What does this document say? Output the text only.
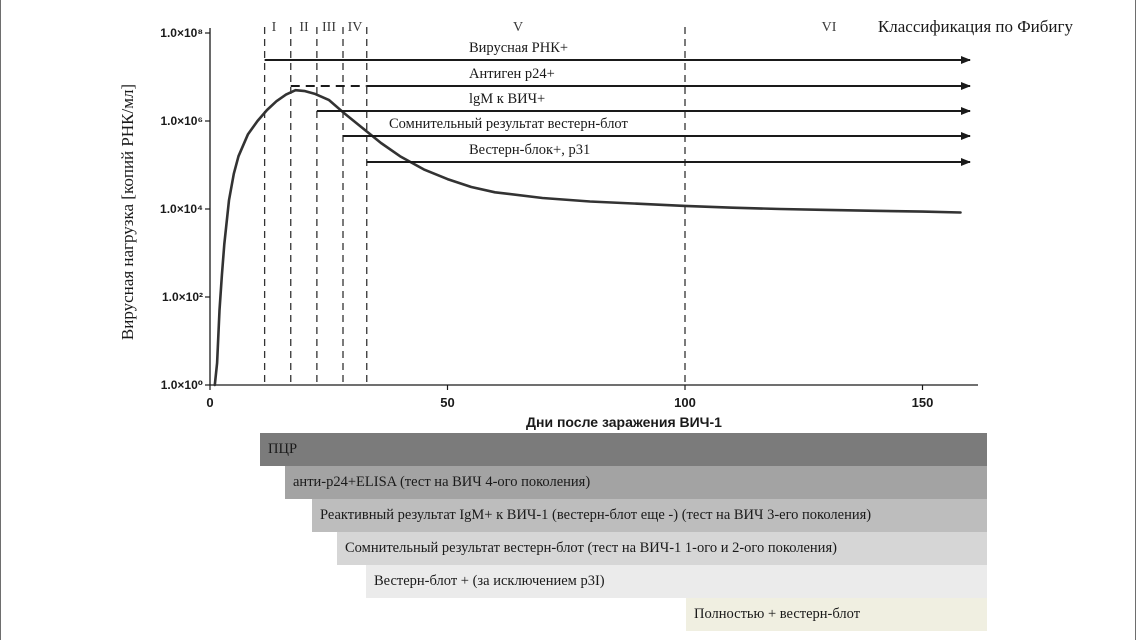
Классификация по Фибигу
Вирусная нагрузка [копий РНК/мл]
Дни после заражения ВИЧ-1
1.0×10⁰
1.0×10²
1.0×10⁴
1.0×10⁶
1.0×10⁸
0	50	100	150
I II III IV	V	VI
Вирусная РНК+
Антиген p24+
lgM к ВИЧ+
Сомнительный результат вестерн-блот
Вестерн-блок+, p31
ПЦР
анти-p24+ELISA (тест на ВИЧ 4-ого поколения)
Реактивный результат IgM+ к ВИЧ-1 (вестерн-блот еще -) (тест на ВИЧ 3-его поколения)
Сомнительный результат вестерн-блот (тест на ВИЧ-1 1-ого и 2-ого поколения)
Вестерн-блот + (за исключением p3I)
Полностью + вестерн-блот
